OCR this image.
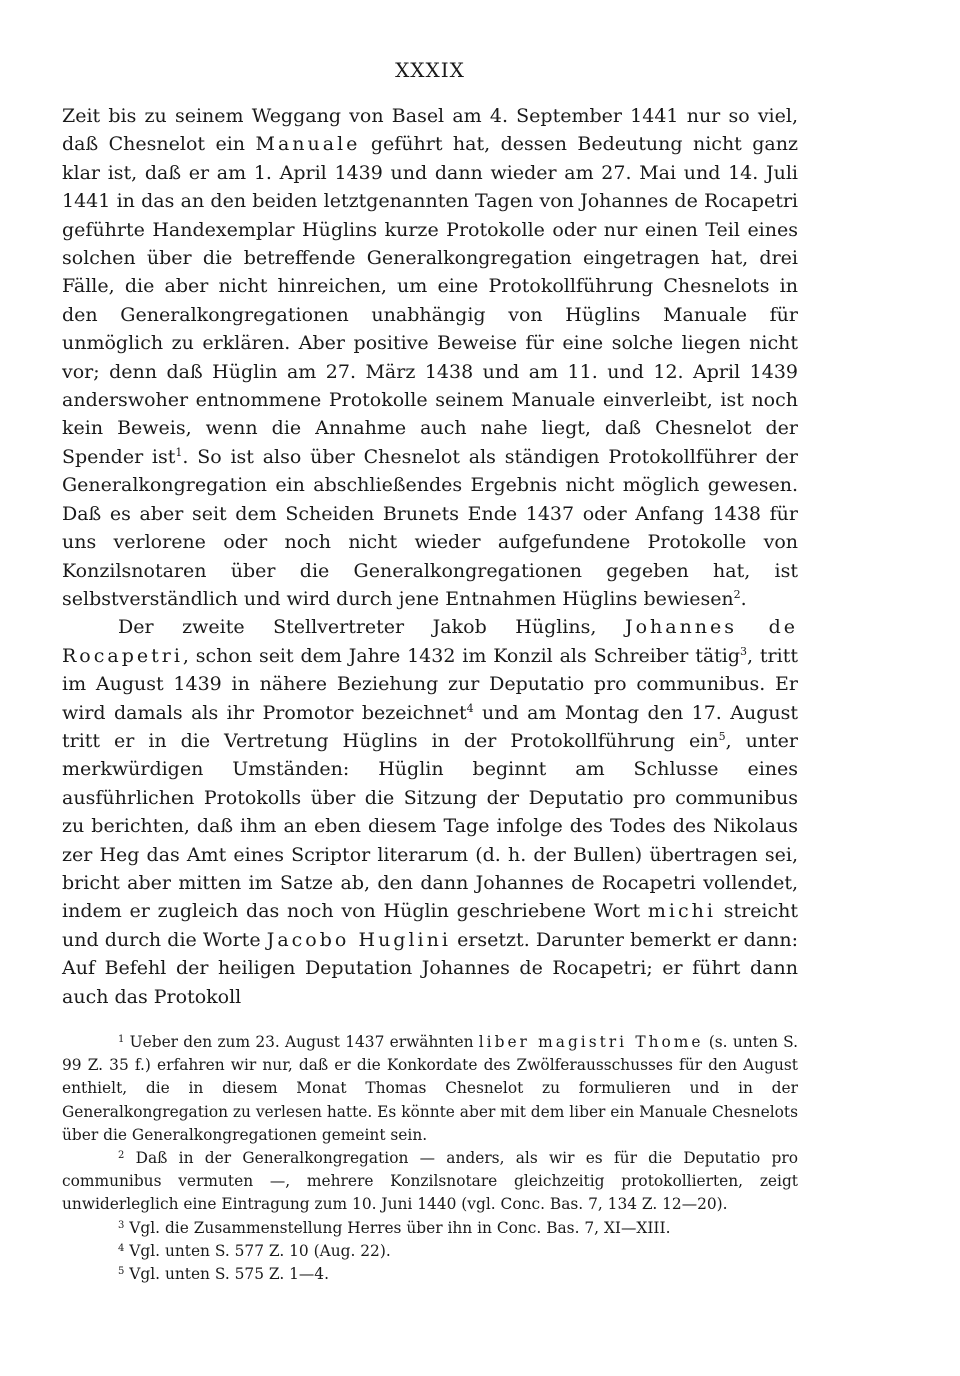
XXXIX

Zeit bis zu seinem Weggang von Basel am 4. September 1441 nur so viel, daß Chesnelot ein Manuale geführt hat, dessen Bedeutung nicht ganz klar ist, daß er am 1. April 1439 und dann wieder am 27. Mai und 14. Juli 1441 in das an den beiden letztgenannten Tagen von Johannes de Rocapetri geführte Handexemplar Hüglins kurze Protokolle oder nur einen Teil eines solchen über die betreffende Generalkongregation eingetragen hat, drei Fälle, die aber nicht hinreichen, um eine Protokollführung Chesnelots in den Generalkongregationen unabhängig von Hüglins Manuale für unmöglich zu erklären. Aber positive Beweise für eine solche liegen nicht vor; denn daß Hüglin am 27. März 1438 und am 11. und 12. April 1439 anderswoher entnommene Protokolle seinem Manuale einverleibt, ist noch kein Beweis, wenn die Annahme auch nahe liegt, daß Chesnelot der Spender ist$^1$. So ist also über Chesnelot als ständigen Protokollführer der Generalkongregation ein abschließendes Ergebnis nicht möglich gewesen. Daß es aber seit dem Scheiden Brunets Ende 1437 oder Anfang 1438 für uns verlorene oder noch nicht wieder aufgefundene Protokolle von Konzilsnotaren über die Generalkongregationen gegeben hat, ist selbstverständlich und wird durch jene Entnahmen Hüglins bewiesen$^2$.

Der zweite Stellvertreter Jakob Hüglins, Johannes de Rocapetri, schon seit dem Jahre 1432 im Konzil als Schreiber tätig$^3$, tritt im August 1439 in nähere Beziehung zur Deputatio pro communibus. Er wird damals als ihr Promotor bezeichnet$^4$ und am Montag den 17. August tritt er in die Vertretung Hüglins in der Protokollführung ein$^5$, unter merkwürdigen Umständen: Hüglin beginnt am Schlusse eines ausführlichen Protokolls über die Sitzung der Deputatio pro communibus zu berichten, daß ihm an eben diesem Tage infolge des Todes des Nikolaus zer Heg das Amt eines Scriptor literarum (d. h. der Bullen) übertragen sei, bricht aber mitten im Satze ab, den dann Johannes de Rocapetri vollendet, indem er zugleich das noch von Hüglin geschriebene Wort michi streicht und durch die Worte Jacobo Huglini ersetzt. Darunter bemerkt er dann: Auf Befehl der heiligen Deputation Johannes de Rocapetri; er führt dann auch das Protokoll

$^1$ Ueber den zum 23. August 1437 erwähnten liber magistri Thome (s. unten S. 99 Z. 35 f.) erfahren wir nur, daß er die Konkordate des Zwölferausschusses für den August enthielt, die in diesem Monat Thomas Chesnelot zu formulieren und in der Generalkongregation zu verlesen hatte. Es könnte aber mit dem liber ein Manuale Chesnelots über die Generalkongregationen gemeint sein.

$^2$ Daß in der Generalkongregation — anders, als wir es für die Deputatio pro communibus vermuten —, mehrere Konzilsnotare gleichzeitig protokollierten, zeigt unwiderleglich eine Eintragung zum 10. Juni 1440 (vgl. Conc. Bas. 7, 134 Z. 12—20).

$^3$ Vgl. die Zusammenstellung Herres über ihn in Conc. Bas. 7, XI—XIII.

$^4$ Vgl. unten S. 577 Z. 10 (Aug. 22).

$^5$ Vgl. unten S. 575 Z. 1—4.
